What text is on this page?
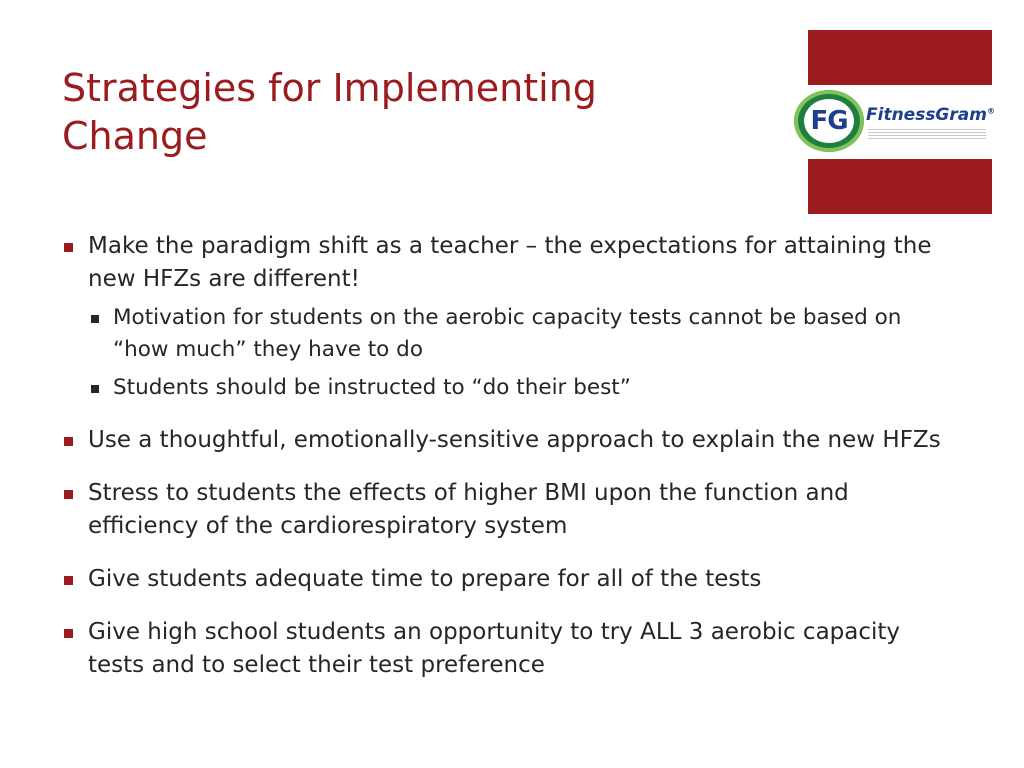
Strategies for Implementing
Change	FG	FitnessGram®
Make the paradigm shift as a teacher – the expectations for attaining the new HFZs are different!
Motivation for students on the aerobic capacity tests cannot be based on “how much” they have to do
Students should be instructed to “do their best”
Use a thoughtful, emotionally-sensitive approach to explain the new HFZs
Stress to students the effects of higher BMI upon the function and efficiency of the cardiorespiratory system
Give students adequate time to prepare for all of the tests
Give high school students an opportunity to try ALL 3 aerobic capacity tests and to select their test preference
